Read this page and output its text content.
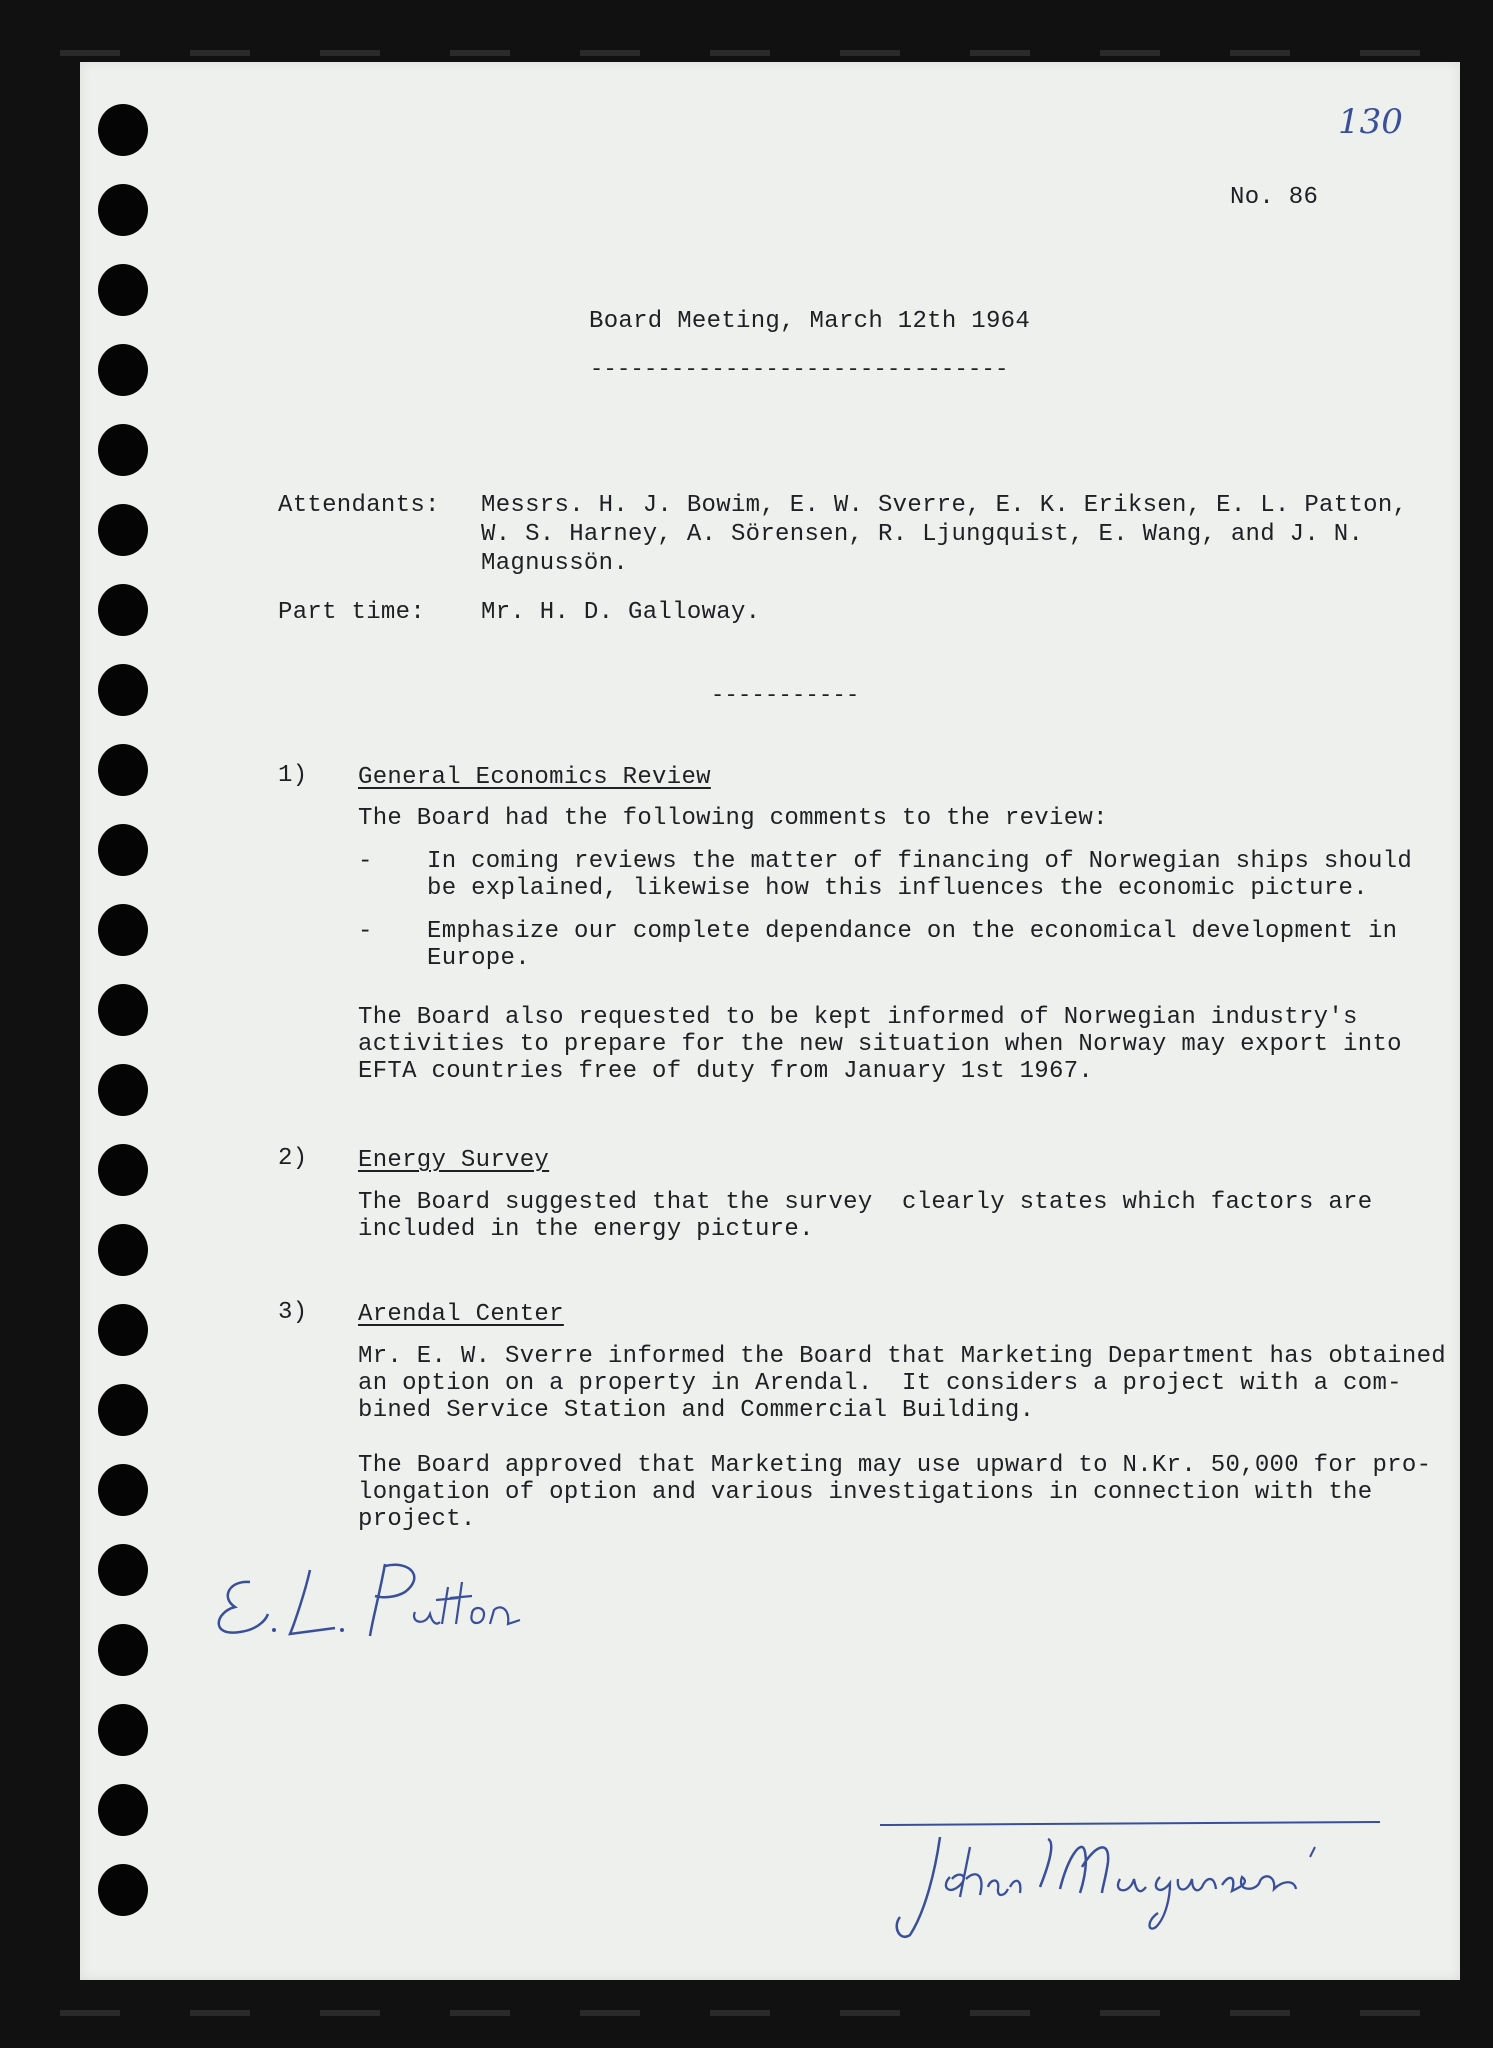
130
No. 86
Board Meeting, March 12th 1964
-------------------------------
Attendants: Messrs. H. J. Bowim, E. W. Sverre, E. K. Eriksen, E. L. Patton,
W. S. Harney, A. Sörensen, R. Ljungquist, E. Wang, and J. N.
Magnussön.
Part time: Mr. H. D. Galloway.
-----------
1) General Economics Review
The Board had the following comments to the review:
- In coming reviews the matter of financing of Norwegian ships should
be explained, likewise how this influences the economic picture.
- Emphasize our complete dependance on the economical development in
Europe.
The Board also requested to be kept informed of Norwegian industry's
activities to prepare for the new situation when Norway may export into
EFTA countries free of duty from January 1st 1967.
2) Energy Survey
The Board suggested that the survey  clearly states which factors are
included in the energy picture.
3) Arendal Center
Mr. E. W. Sverre informed the Board that Marketing Department has obtained
an option on a property in Arendal.  It considers a project with a com-
bined Service Station and Commercial Building.
The Board approved that Marketing may use upward to N.Kr. 50,000 for pro-
longation of option and various investigations in connection with the
project.
